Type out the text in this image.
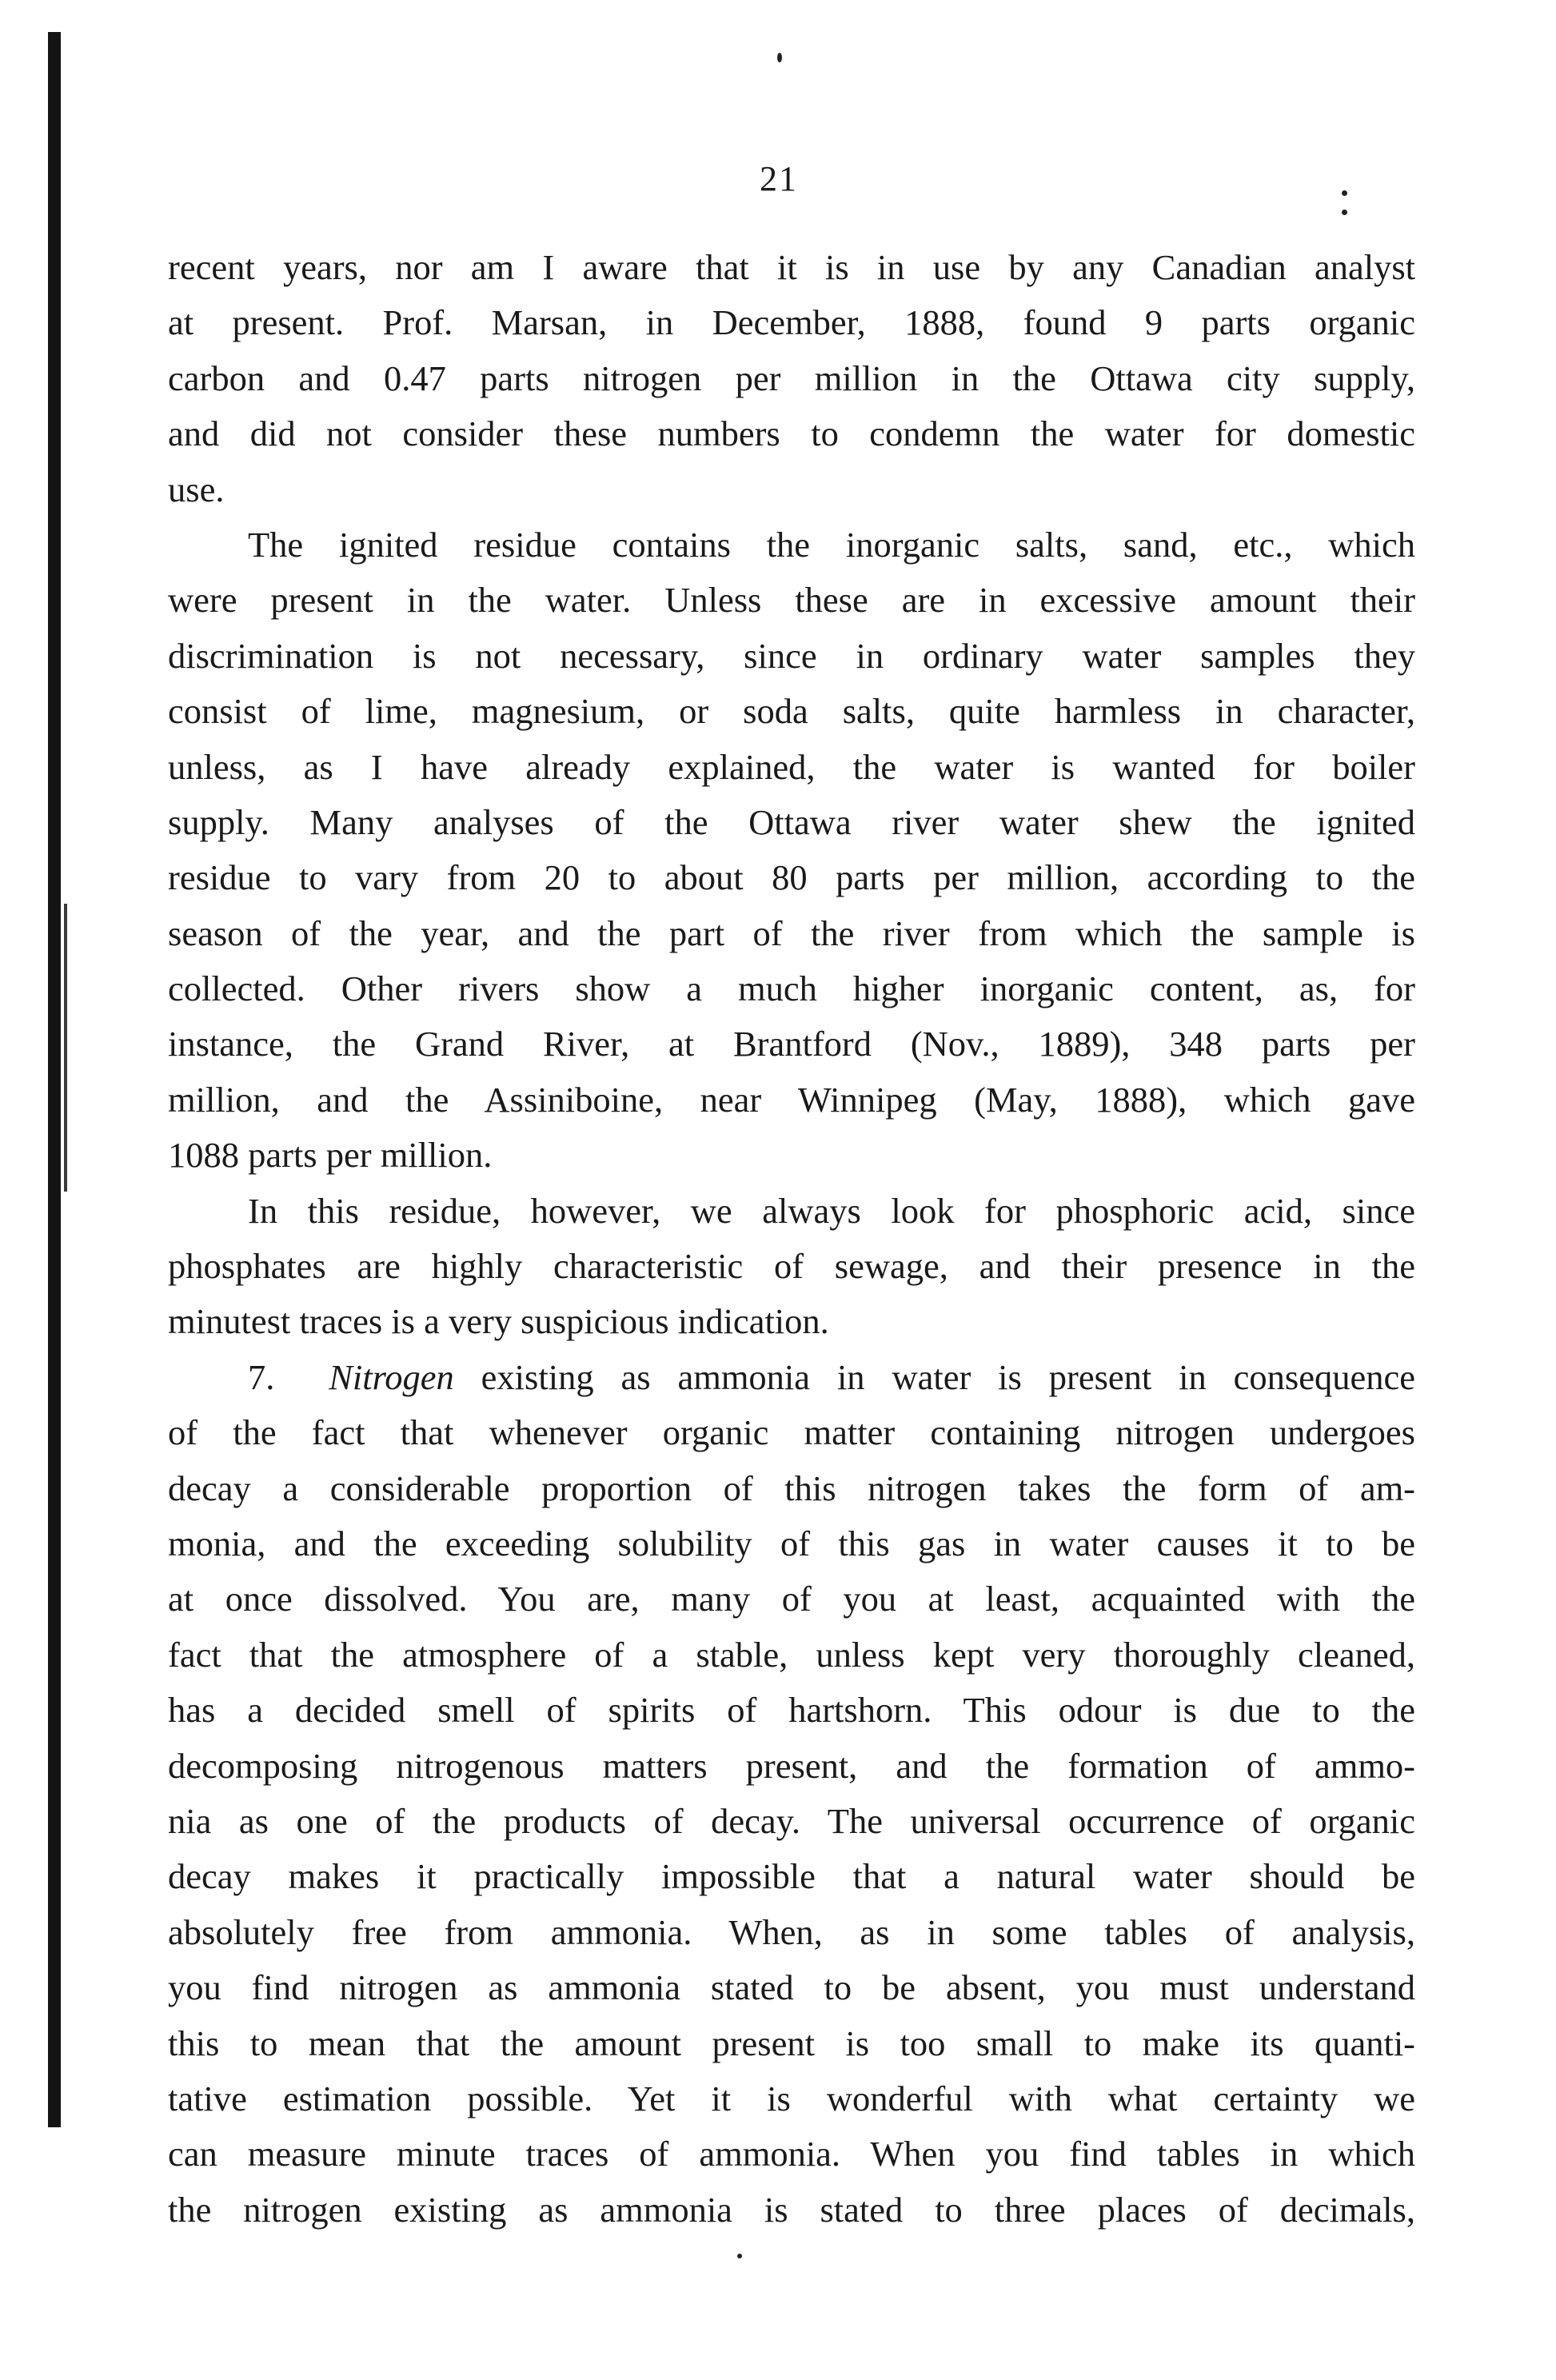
21
recent years, nor am I aware that it is in use by any Canadian analyst
at present. Prof. Marsan, in December, 1888, found 9 parts organic
carbon and 0.47 parts nitrogen per million in the Ottawa city supply,
and did not consider these numbers to condemn the water for domestic
use.
The ignited residue contains the inorganic salts, sand, etc., which
were present in the water. Unless these are in excessive amount their
discrimination is not necessary, since in ordinary water samples they
consist of lime, magnesium, or soda salts, quite harmless in character,
unless, as I have already explained, the water is wanted for boiler
supply. Many analyses of the Ottawa river water shew the ignited
residue to vary from 20 to about 80 parts per million, according to the
season of the year, and the part of the river from which the sample is
collected. Other rivers show a much higher inorganic content, as, for
instance, the Grand River, at Brantford (Nov., 1889), 348 parts per
million, and the Assiniboine, near Winnipeg (May, 1888), which gave
1088 parts per million.
In this residue, however, we always look for phosphoric acid, since
phosphates are highly characteristic of sewage, and their presence in the
minutest traces is a very suspicious indication.
7. Nitrogen existing as ammonia in water is present in consequence
of the fact that whenever organic matter containing nitrogen undergoes
decay a considerable proportion of this nitrogen takes the form of am-
monia, and the exceeding solubility of this gas in water causes it to be
at once dissolved. You are, many of you at least, acquainted with the
fact that the atmosphere of a stable, unless kept very thoroughly cleaned,
has a decided smell of spirits of hartshorn. This odour is due to the
decomposing nitrogenous matters present, and the formation of ammo-
nia as one of the products of decay. The universal occurrence of organic
decay makes it practically impossible that a natural water should be
absolutely free from ammonia. When, as in some tables of analysis,
you find nitrogen as ammonia stated to be absent, you must understand
this to mean that the amount present is too small to make its quanti-
tative estimation possible. Yet it is wonderful with what certainty we
can measure minute traces of ammonia. When you find tables in which
the nitrogen existing as ammonia is stated to three places of decimals,
